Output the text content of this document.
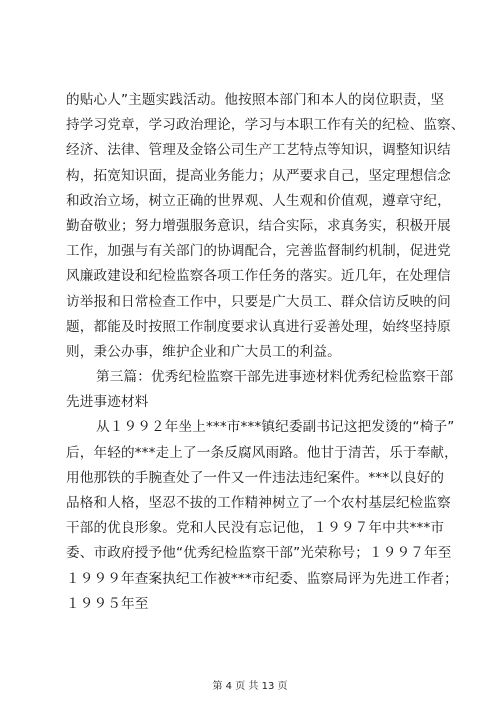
的贴心人”主题实践活动。他按照本部门和本人的岗位职责，坚
持学习党章，学习政治理论，学习与本职工作有关的纪检、监察、
经济、法律、管理及金铬公司生产工艺特点等知识，调整知识结
构，拓宽知识面，提高业务能力；从严要求自己，坚定理想信念
和政治立场，树立正确的世界观、人生观和价值观，遵章守纪，
勤奋敬业；努力增强服务意识，结合实际，求真务实，积极开展
工作，加强与有关部门的协调配合，完善监督制约机制，促进党
风廉政建设和纪检监察各项工作任务的落实。近几年，在处理信
访举报和日常检查工作中，只要是广大员工、群众信访反映的问
题，都能及时按照工作制度要求认真进行妥善处理，始终坚持原
则，秉公办事，维护企业和广大员工的利益。
第三篇：优秀纪检监察干部先进事迹材料优秀纪检监察干部
先进事迹材料
从１９９２年坐上***市***镇纪委副书记这把发烫的“椅子”
后，年轻的***走上了一条反腐风雨路。他甘于清苦，乐于奉献，
用他那铁的手腕查处了一件又一件违法违纪案件。***以良好的
品格和人格，坚忍不拔的工作精神树立了一个农村基层纪检监察
干部的优良形象。党和人民没有忘记他，１９９７年中共***市
委、市政府授予他“优秀纪检监察干部”光荣称号；１９９７年至
１９９９年查案执纪工作被***市纪委、监察局评为先进工作者；
１９９５年至
第 4 页 共 13 页
